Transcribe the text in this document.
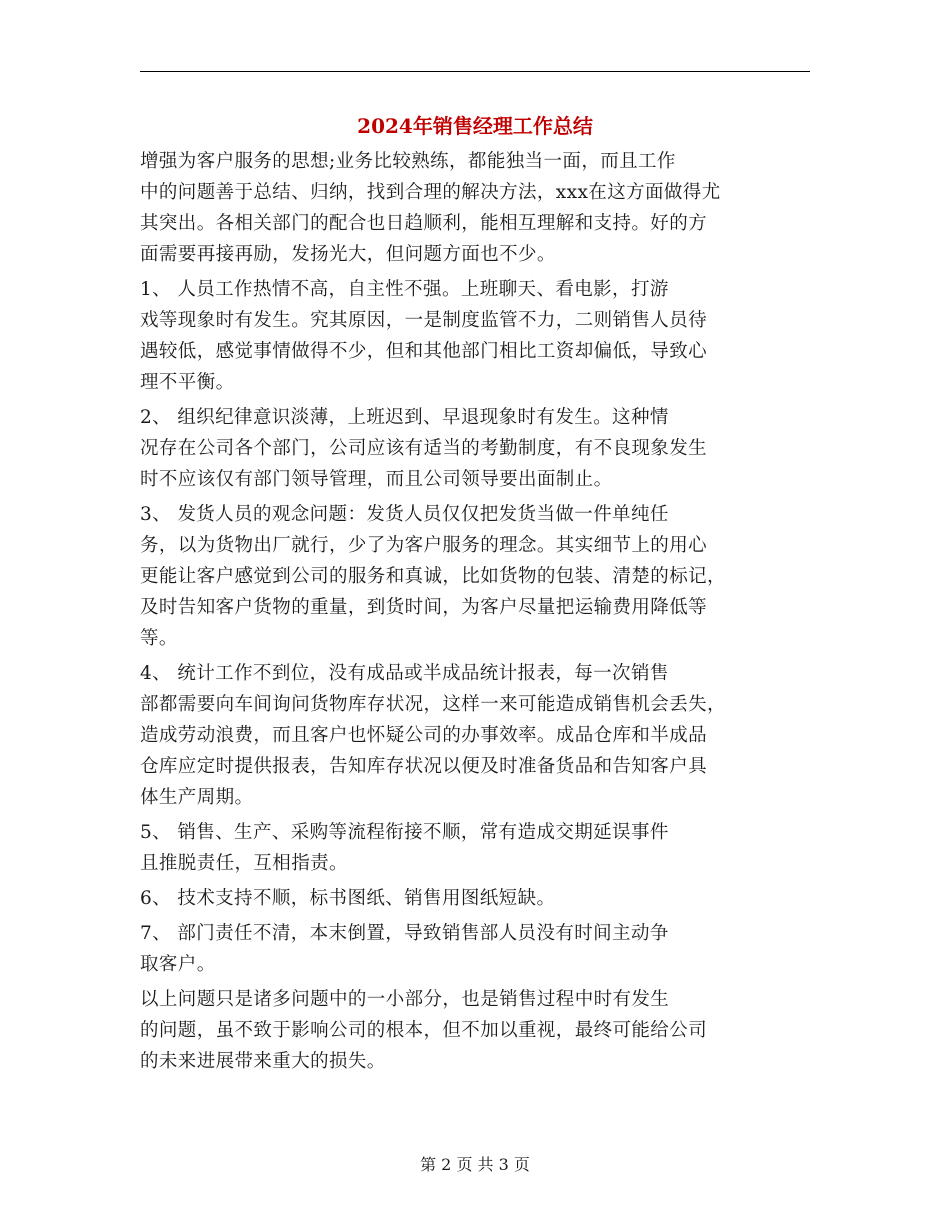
2024年销售经理工作总结

增强为客户服务的思想;业务比较熟练，都能独当一面，而且工作
中的问题善于总结、归纳，找到合理的解决方法，xxx在这方面做得尤
其突出。各相关部门的配合也日趋顺利，能相互理解和支持。好的方
面需要再接再励，发扬光大，但问题方面也不少。

1、 人员工作热情不高，自主性不强。上班聊天、看电影，打游
戏等现象时有发生。究其原因，一是制度监管不力，二则销售人员待
遇较低，感觉事情做得不少，但和其他部门相比工资却偏低，导致心
理不平衡。

2、 组织纪律意识淡薄，上班迟到、早退现象时有发生。这种情
况存在公司各个部门，公司应该有适当的考勤制度，有不良现象发生
时不应该仅有部门领导管理，而且公司领导要出面制止。

3、 发货人员的观念问题：发货人员仅仅把发货当做一件单纯任
务，以为货物出厂就行，少了为客户服务的理念。其实细节上的用心
更能让客户感觉到公司的服务和真诚，比如货物的包装、清楚的标记，
及时告知客户货物的重量，到货时间，为客户尽量把运输费用降低等
等。

4、 统计工作不到位，没有成品或半成品统计报表，每一次销售
部都需要向车间询问货物库存状况，这样一来可能造成销售机会丢失，
造成劳动浪费，而且客户也怀疑公司的办事效率。成品仓库和半成品
仓库应定时提供报表，告知库存状况以便及时准备货品和告知客户具
体生产周期。

5、 销售、生产、采购等流程衔接不顺，常有造成交期延误事件
且推脱责任，互相指责。

6、 技术支持不顺，标书图纸、销售用图纸短缺。

7、 部门责任不清，本末倒置，导致销售部人员没有时间主动争
取客户。

以上问题只是诸多问题中的一小部分，也是销售过程中时有发生
的问题，虽不致于影响公司的根本，但不加以重视，最终可能给公司
的未来进展带来重大的损失。

第 2 页 共 3 页
